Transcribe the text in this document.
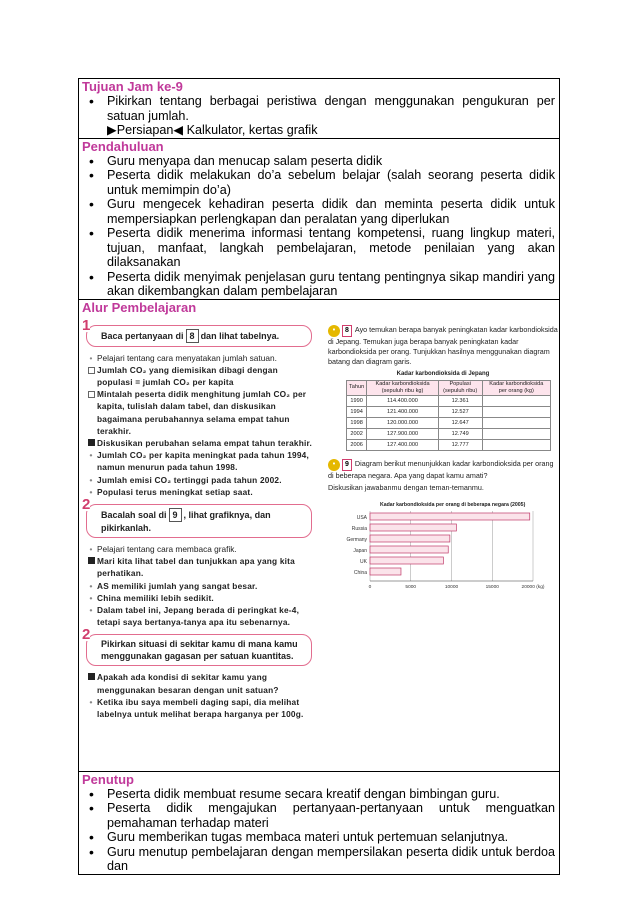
Tujuan Jam ke-9
• Pikirkan tentang berbagai peristiwa dengan menggunakan pengukuran per satuan jumlah.
▶Persiapan◀ Kalkulator, kertas grafik
Pendahuluan
• Guru menyapa dan menucap salam peserta didik
• Peserta didik melakukan do’a sebelum belajar (salah seorang peserta didik untuk memimpin do’a)
• Guru mengecek kehadiran peserta didik dan meminta peserta didik untuk mempersiapkan perlengkapan dan peralatan yang diperlukan
• Peserta didik menerima informasi tentang kompetensi, ruang lingkup materi, tujuan, manfaat, langkah pembelajaran, metode penilaian yang akan dilaksanakan
• Peserta didik menyimak penjelasan guru tentang pentingnya sikap mandiri yang akan dikembangkan dalam pembelajaran
Alur Pembelajaran
1
Baca pertanyaan di 8 dan lihat tabelnya.
•
Pelajari tentang cara menyatakan jumlah satuan.
Jumlah CO₂ yang diemisikan dibagi dengan populasi = jumlah CO₂ per kapita
Mintalah peserta didik menghitung jumlah CO₂ per kapita, tulislah dalam tabel, dan diskusikan bagaimana perubahannya selama empat tahun terakhir.
Diskusikan perubahan selama empat tahun terakhir.
•
Jumlah CO₂ per kapita meningkat pada tahun 1994, namun menurun pada tahun 1998.
•
Jumlah emisi CO₂ tertinggi pada tahun 2002.
•
Populasi terus meningkat setiap saat.
2
Bacalah soal di 9 , lihat grafiknya, dan pikirkanlah.
•
Pelajari tentang cara membaca grafik.
Mari kita lihat tabel dan tunjukkan apa yang kita perhatikan.
•
AS memiliki jumlah yang sangat besar.
•
China memiliki lebih sedikit.
•
Dalam tabel ini, Jepang berada di peringkat ke-4, tetapi saya bertanya-tanya apa itu sebenarnya.
2
Pikirkan situasi di sekitar kamu di mana kamu menggunakan gagasan per satuan kuantitas.
Apakah ada kondisi di sekitar kamu yang menggunakan besaran dengan unit satuan?
•
Ketika ibu saya membeli daging sapi, dia melihat labelnya untuk melihat berapa harganya per 100g.

• 8 Ayo temukan berapa banyak peningkatan kadar karbondioksida di Jepang. Temukan juga berapa banyak peningkatan kadar karbondioksida per orang. Tunjukkan hasilnya menggunakan diagram batang dan diagram garis.

Kadar karbondioksida di Jepang
Tahun	Kadar karbondioksida (sepuluh ribu kg)	Populasi (sepuluh ribu)	Kadar karbondioksida per orang (kg)
1990	114.400.000	12.361	
1994	121.400.000	12.527	
1998	120.000.000	12.647	
2002	127.900.000	12.749	
2006	127.400.000	12.777	

• 9 Diagram berikut menunjukkan kadar karbondioksida per orang di beberapa negara. Apa yang dapat kamu amati?

Diskusikan jawabanmu dengan teman-temanmu.

Kadar karbondioksida per orang di beberapa negara (2005)
0	5000	10000	15000	20000 (kg)
USA
Russia
Germany
Japan
UK
China
Penutup
• Peserta didik membuat resume secara kreatif dengan bimbingan guru.
• Peserta didik mengajukan pertanyaan-pertanyaan untuk menguatkan pemahaman terhadap materi
• Guru memberikan tugas membaca materi untuk pertemuan selanjutnya.
• Guru menutup pembelajaran dengan mempersilakan peserta didik untuk berdoa dan
